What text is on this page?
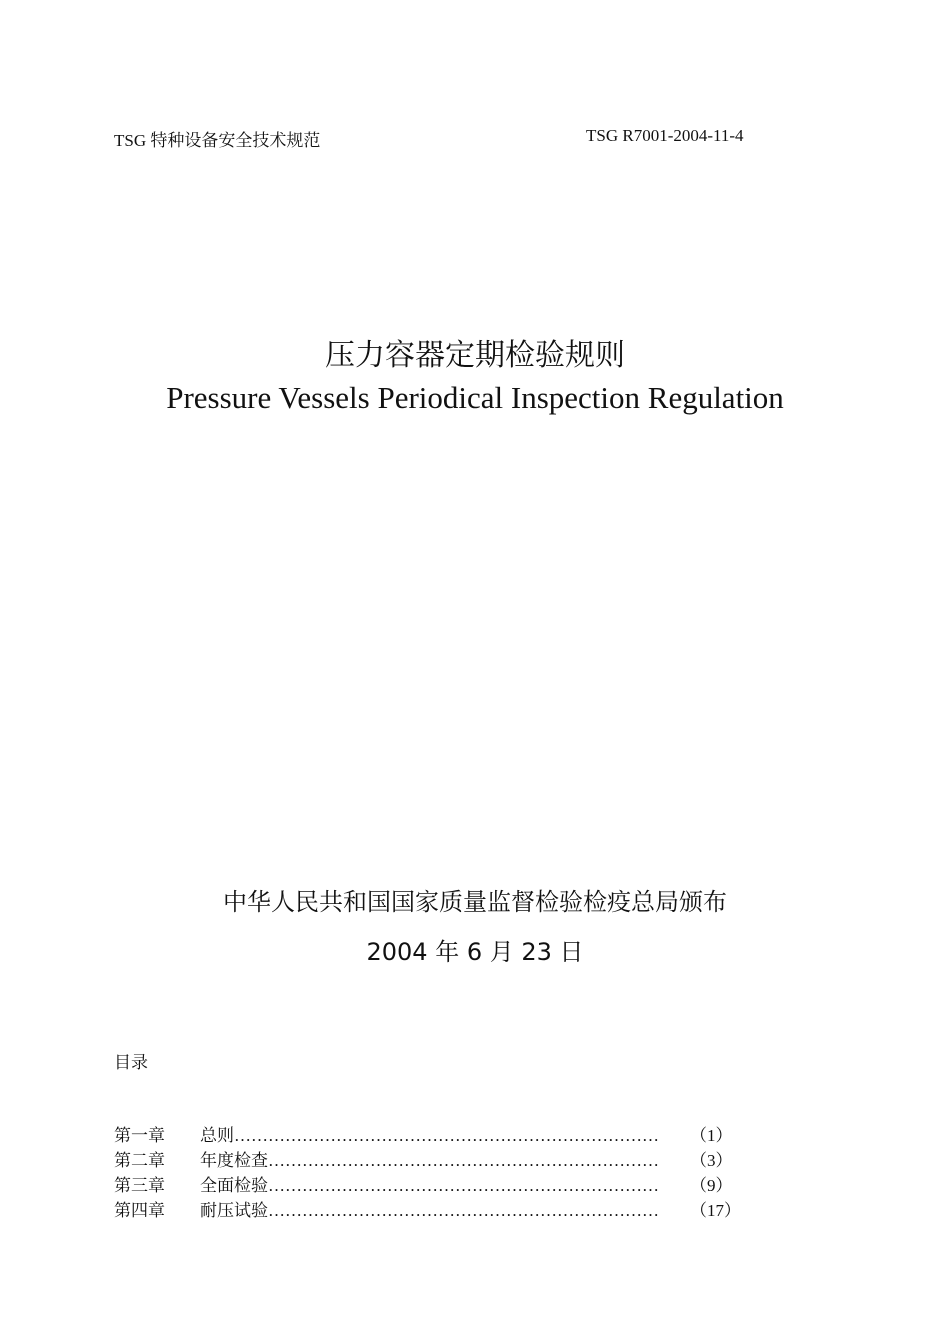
TSG 特种设备安全技术规范	TSG R7001-2004-11-4
压力容器定期检验规则
Pressure Vessels Periodical Inspection Regulation
中华人民共和国国家质量监督检验检疫总局颁布
2004 年 6 月 23 日
目录
第一章	总则 …………………………………………………………………	（1）
第二章	年度检查 ……………………………………………………………	（3）
第三章	全面检验 ……………………………………………………………	（9）
第四章	耐压试验 ……………………………………………………………	（17）
